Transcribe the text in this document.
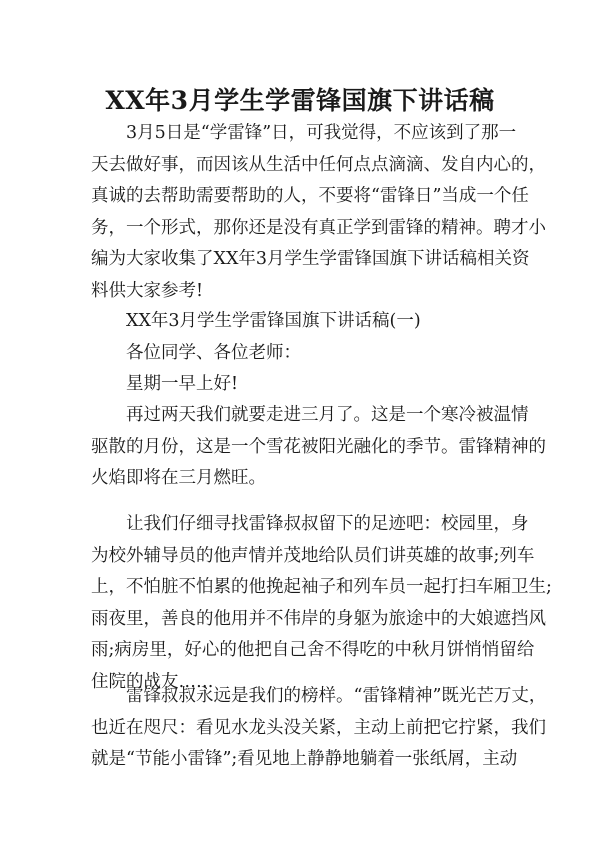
XX年3月学生学雷锋国旗下讲话稿
3月5日是“学雷锋”日，可我觉得，不应该到了那一
天去做好事，而因该从生活中任何点点滴滴、发自内心的，
真诚的去帮助需要帮助的人，不要将“雷锋日”当成一个任
务，一个形式，那你还是没有真正学到雷锋的精神。聘才小
编为大家收集了XX年3月学生学雷锋国旗下讲话稿相关资
料供大家参考!
XX年3月学生学雷锋国旗下讲话稿(一)
各位同学、各位老师：
星期一早上好!
再过两天我们就要走进三月了。这是一个寒冷被温情
驱散的月份，这是一个雪花被阳光融化的季节。雷锋精神的
火焰即将在三月燃旺。
让我们仔细寻找雷锋叔叔留下的足迹吧：校园里，身
为校外辅导员的他声情并茂地给队员们讲英雄的故事;列车
上，不怕脏不怕累的他挽起袖子和列车员一起打扫车厢卫生;
雨夜里，善良的他用并不伟岸的身躯为旅途中的大娘遮挡风
雨;病房里，好心的他把自己舍不得吃的中秋月饼悄悄留给
住院的战友……
雷锋叔叔永远是我们的榜样。“雷锋精神”既光芒万丈，
也近在咫尺：看见水龙头没关紧，主动上前把它拧紧，我们
就是“节能小雷锋”;看见地上静静地躺着一张纸屑，主动
